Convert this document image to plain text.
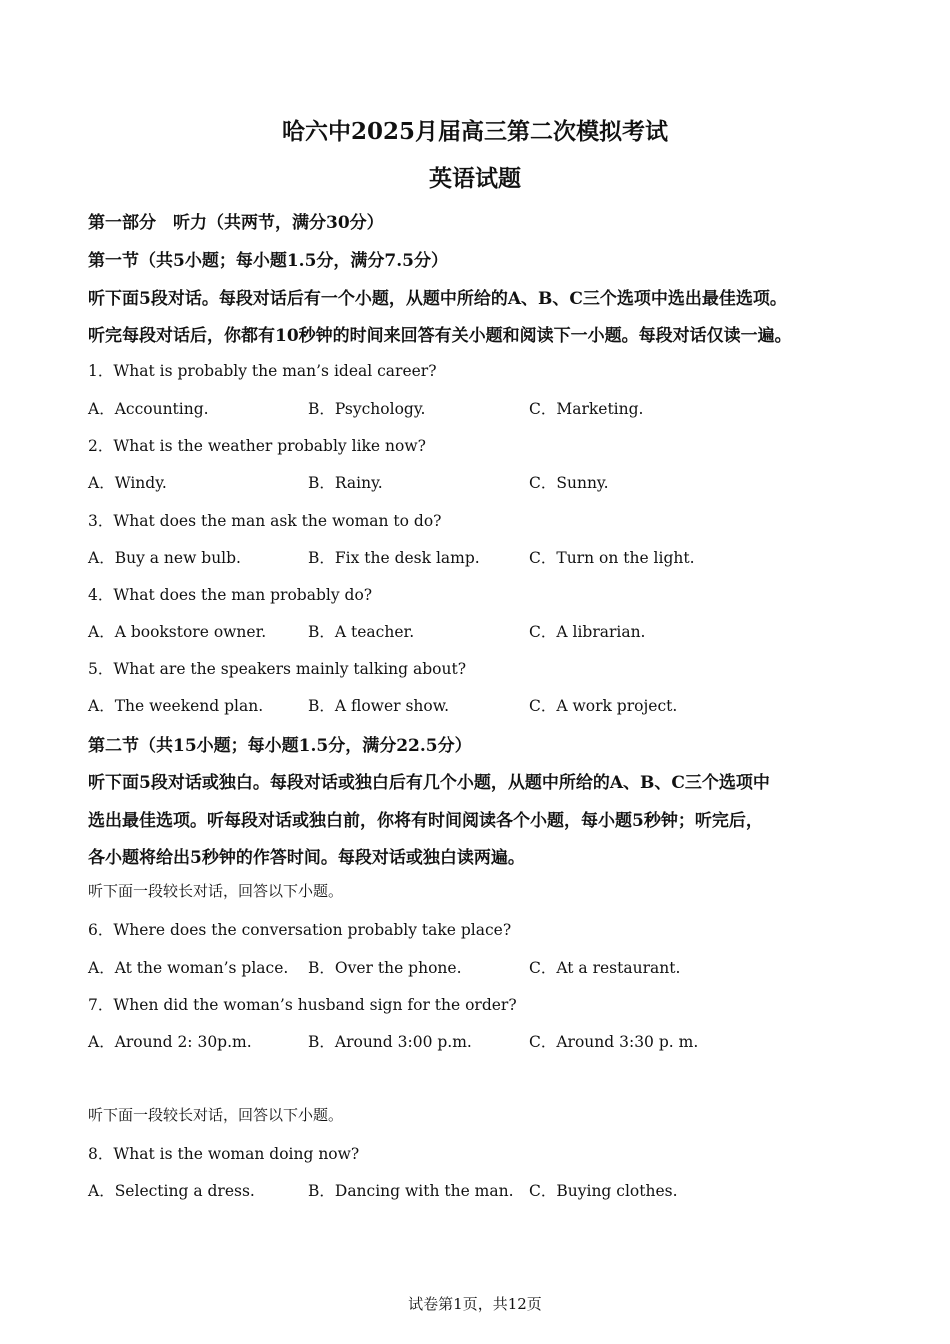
哈六中2025月届高三第二次模拟考试
英语试题
第一部分　听力（共两节，满分30分）
第一节（共5小题；每小题1.5分，满分7.5分）
听下面5段对话。每段对话后有一个小题，从题中所给的A、B、C三个选项中选出最佳选项。
听完每段对话后，你都有10秒钟的时间来回答有关小题和阅读下一小题。每段对话仅读一遍。
1．What is probably the man’s ideal career?
A．Accounting.	B．Psychology.	C．Marketing.
2．What is the weather probably like now?
A．Windy.	B．Rainy.	C．Sunny.
3．What does the man ask the woman to do?
A．Buy a new bulb.	B．Fix the desk lamp.	C．Turn on the light.
4．What does the man probably do?
A．A bookstore owner.	B．A teacher.	C．A librarian.
5．What are the speakers mainly talking about?
A．The weekend plan.	B．A flower show.	C．A work project.
第二节（共15小题；每小题1.5分，满分22.5分）
听下面5段对话或独白。每段对话或独白后有几个小题，从题中所给的A、B、C三个选项中
选出最佳选项。听每段对话或独白前，你将有时间阅读各个小题，每小题5秒钟；听完后，
各小题将给出5秒钟的作答时间。每段对话或独白读两遍。
听下面一段较长对话，回答以下小题。
6．Where does the conversation probably take place?
A．At the woman’s place. B．Over the phone.	C．At a restaurant.
7．When did the woman’s husband sign for the order?
A．Around 2: 30p.m.	B．Around 3:00 p.m.	C．Around 3:30 p. m.
听下面一段较长对话，回答以下小题。
8．What is the woman doing now?
A．Selecting a dress.	B．Dancing with the man. C．Buying clothes.
试卷第1页，共12页
